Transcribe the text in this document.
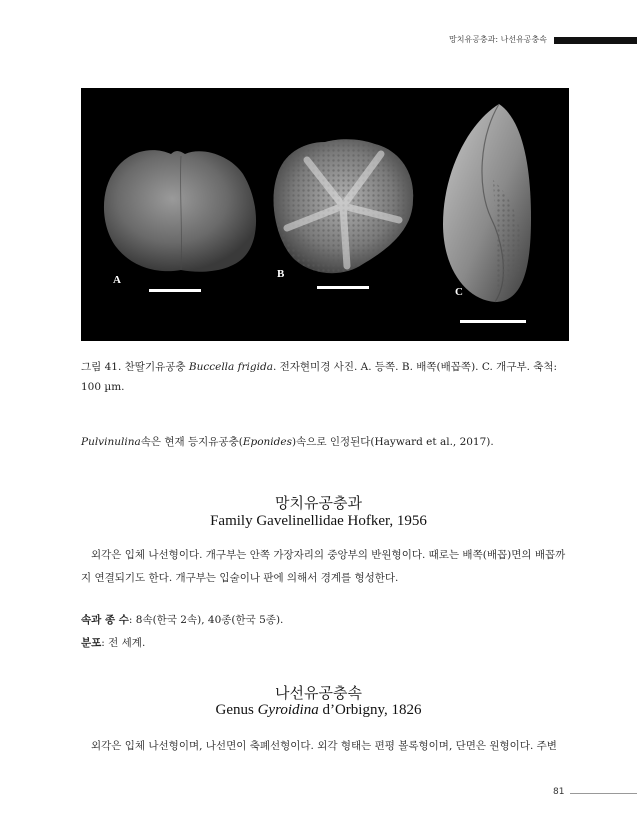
망치유공충과: 나선유공충속
A	B
C
그림 41. 찬딸기유공충 Buccella frigida. 전자현미경 사진. A. 등쪽. B. 배쪽(배꼽쪽). C. 개구부. 축척:
100 µm.
Pulvinulina속은 현재 등지유공충(Eponides)속으로 인정된다(Hayward et al., 2017).
망치유공충과
Family Gavelinellidae Hofker, 1956
외각은 입체 나선형이다. 개구부는 안쪽 가장자리의 중앙부의 반원형이다. 때로는 배쪽(배꼽)면의 배꼽까지 연결되기도 한다. 개구부는 입술이나 판에 의해서 경계를 형성한다.
속과 종 수: 8속(한국 2속), 40종(한국 5종).
분포: 전 세계.
나선유공충속
Genus Gyroidina d’Orbigny, 1826
외각은 입체 나선형이며, 나선면이 축폐선형이다. 외각 형태는 편평 볼록형이며, 단면은 원형이다. 주변
81
